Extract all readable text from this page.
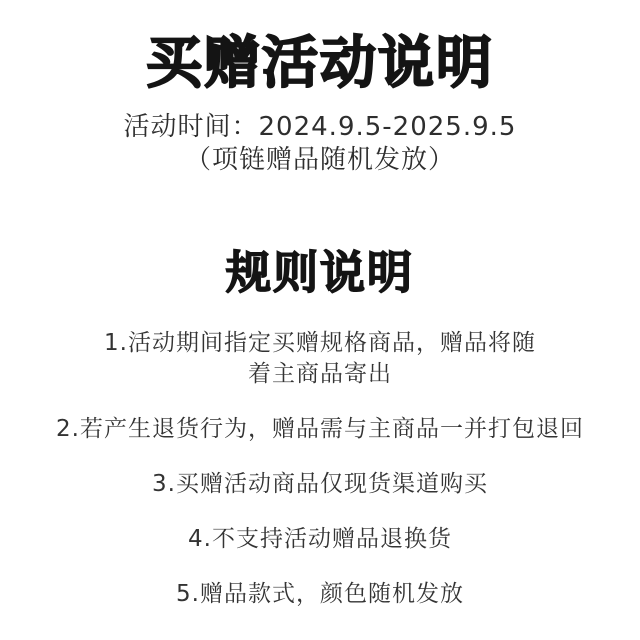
买赠活动说明

活动时间：2024.9.5-2025.9.5

（项链赠品随机发放）

规则说明

1.活动期间指定买赠规格商品，赠品将随
着主商品寄出

2.若产生退货行为，赠品需与主商品一并打包退回

3.买赠活动商品仅现货渠道购买

4.不支持活动赠品退换货

5.赠品款式，颜色随机发放
